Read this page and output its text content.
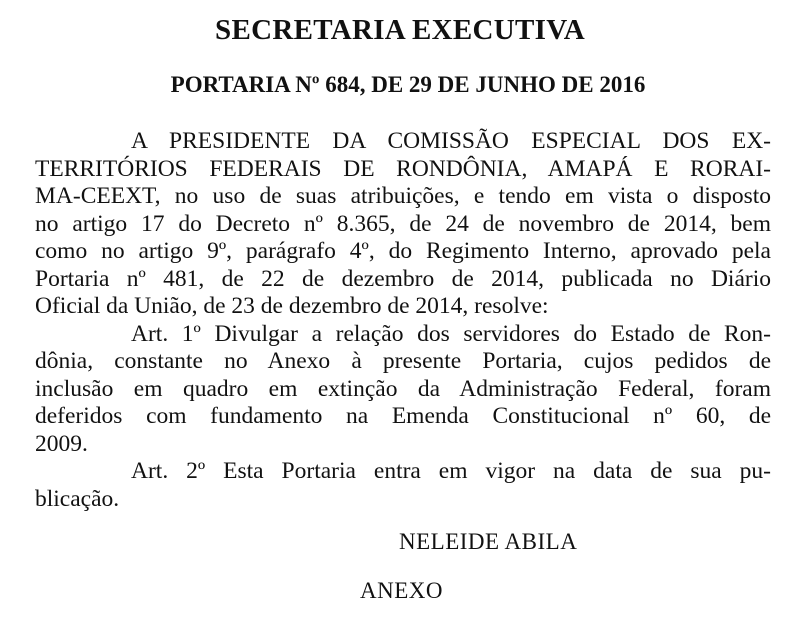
SECRETARIA EXECUTIVA
PORTARIA Nº 684, DE 29 DE JUNHO DE 2016
A PRESIDENTE DA COMISSÃO ESPECIAL DOS EX-
TERRITÓRIOS FEDERAIS DE RONDÔNIA, AMAPÁ E RORAI-
MA-CEEXT, no uso de suas atribuições, e tendo em vista o disposto
no artigo 17 do Decreto nº 8.365, de 24 de novembro de 2014, bem
como no artigo 9º, parágrafo 4º, do Regimento Interno, aprovado pela
Portaria nº 481, de 22 de dezembro de 2014, publicada no Diário
Oficial da União, de 23 de dezembro de 2014, resolve:
Art. 1º Divulgar a relação dos servidores do Estado de Ron-
dônia, constante no Anexo à presente Portaria, cujos pedidos de
inclusão em quadro em extinção da Administração Federal, foram
deferidos com fundamento na Emenda Constitucional nº 60, de
2009.
Art. 2º Esta Portaria entra em vigor na data de sua pu-
blicação.
NELEIDE ABILA
ANEXO
